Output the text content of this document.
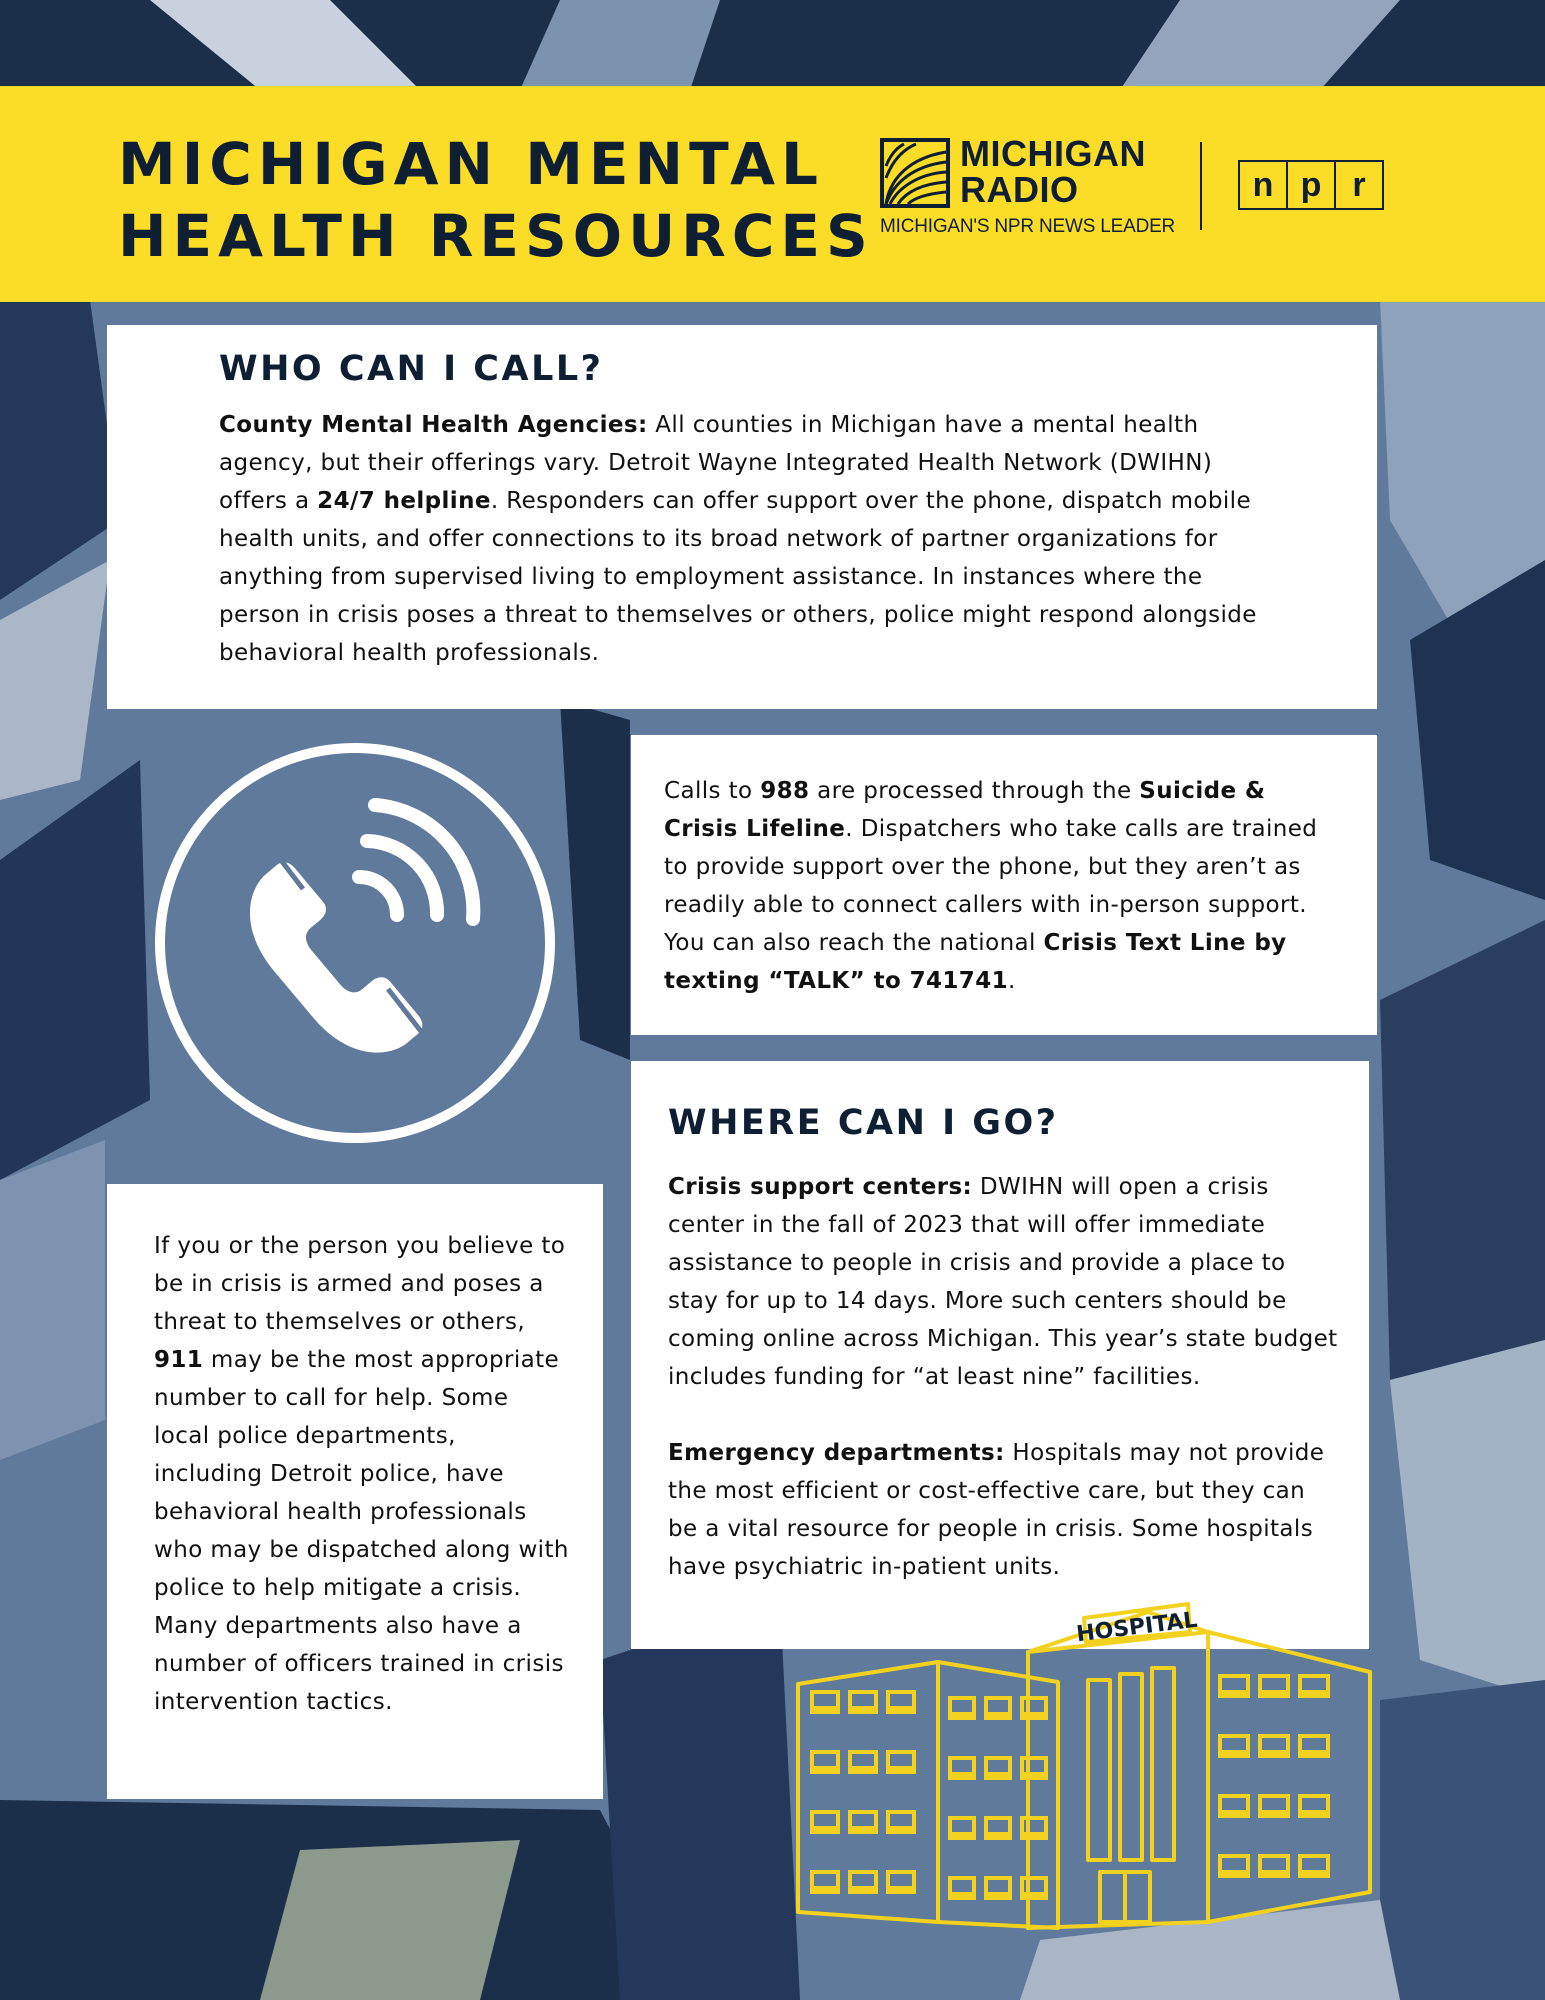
MICHIGAN MENTAL
HEALTH RESOURCES
MICHIGAN
RADIO
MICHIGAN'S NPR NEWS LEADER
n p r
WHO CAN I CALL?

County Mental Health Agencies: All counties in Michigan have a mental health agency, but their offerings vary. Detroit Wayne Integrated Health Network (DWIHN) offers a 24/7 helpline. Responders can offer support over the phone, dispatch mobile health units, and offer connections to its broad network of partner organizations for anything from supervised living to employment assistance. In instances where the person in crisis poses a threat to themselves or others, police might respond alongside behavioral health professionals.

Calls to 988 are processed through the Suicide & Crisis Lifeline. Dispatchers who take calls are trained to provide support over the phone, but they aren’t as readily able to connect callers with in-person support. You can also reach the national Crisis Text Line by texting “TALK” to 741741.

WHERE CAN I GO?

Crisis support centers: DWIHN will open a crisis center in the fall of 2023 that will offer immediate assistance to people in crisis and provide a place to stay for up to 14 days. More such centers should be coming online across Michigan. This year’s state budget includes funding for “at least nine” facilities.

Emergency departments: Hospitals may not provide the most efficient or cost-effective care, but they can be a vital resource for people in crisis. Some hospitals have psychiatric in-patient units.

If you or the person you believe to be in crisis is armed and poses a threat to themselves or others, 911 may be the most appropriate number to call for help. Some local police departments, including Detroit police, have behavioral health professionals who may be dispatched along with police to help mitigate a crisis. Many departments also have a number of officers trained in crisis intervention tactics.

HOSPITAL
